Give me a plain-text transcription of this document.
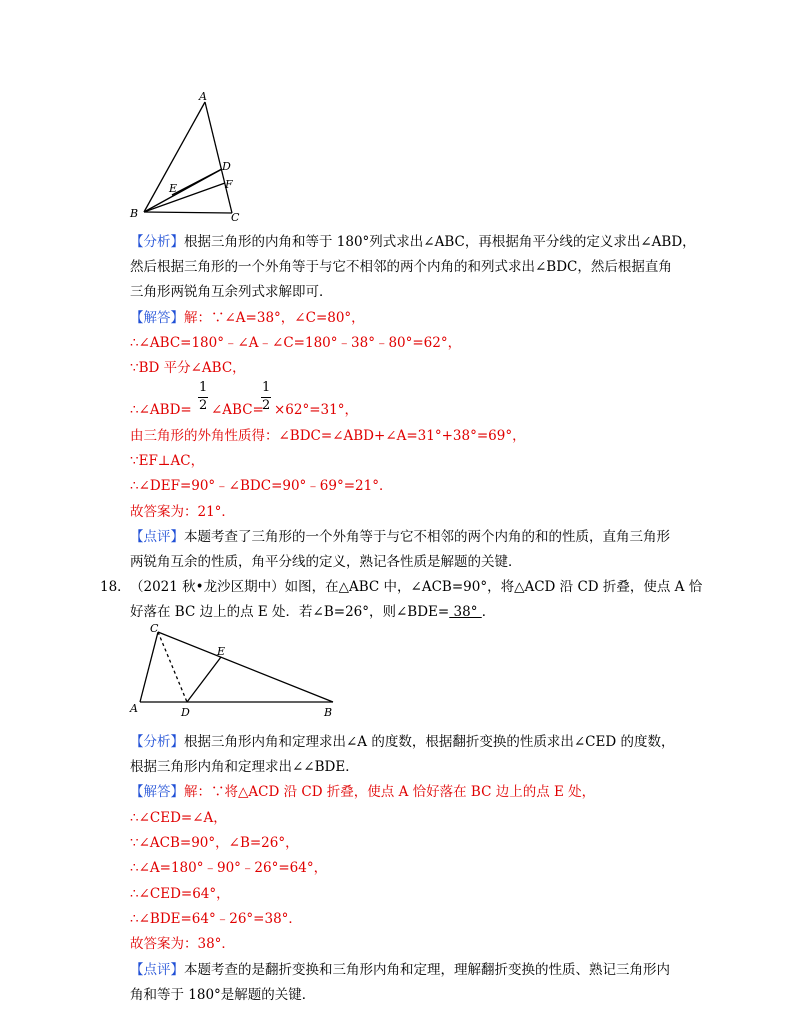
A
B	C
D
E	F
【分析】根据三角形的内角和等于 180°列式求出∠ABC，再根据角平分线的定义求出∠ABD，
然后根据三角形的一个外角等于与它不相邻的两个内角的和列式求出∠BDC，然后根据直角
三角形两锐角互余列式求解即可．
【解答】解：∵∠A=38°，∠C=80°，
∴∠ABC=180°﹣∠A﹣∠C=180°﹣38°﹣80°=62°，
∵BD 平分∠ABC，
1
2
1
2
∴∠ABD= ∠ABC= ×62°=31°，
由三角形的外角性质得：∠BDC=∠ABD+∠A=31°+38°=69°，
∵EF⊥AC，
∴∠DEF=90°﹣∠BDC=90°﹣69°=21°．
故答案为：21°．
【点评】本题考查了三角形的一个外角等于与它不相邻的两个内角的和的性质，直角三角形
两锐角互余的性质，角平分线的定义，熟记各性质是解题的关键．
18． （2021 秋•龙沙区期中）如图，在△ABC 中，∠ACB=90°，将△ACD 沿 CD 折叠，使点 A 恰
好落在 BC 边上的点 E 处．若∠B=26°，则∠BDE= 38° ．
C
A	D
E
B
【分析】根据三角形内角和定理求出∠A 的度数，根据翻折变换的性质求出∠CED 的度数，
根据三角形内角和定理求出∠∠BDE．
【解答】解：∵将△ACD 沿 CD 折叠，使点 A 恰好落在 BC 边上的点 E 处，
∴∠CED=∠A，
∵∠ACB=90°，∠B=26°，
∴∠A=180°﹣90°﹣26°=64°，
∴∠CED=64°，
∴∠BDE=64°﹣26°=38°．
故答案为：38°．
【点评】本题考查的是翻折变换和三角形内角和定理，理解翻折变换的性质、熟记三角形内
角和等于 180°是解题的关键．
